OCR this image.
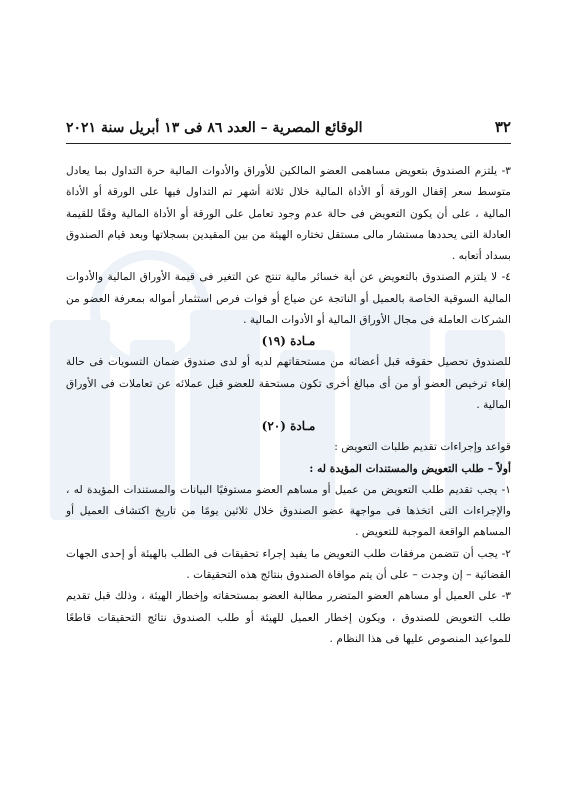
٣٢
الوقائع المصرية – العدد ٨٦ فى ١٣ أبريل سنة ٢٠٢١

٣- يلتزم الصندوق بتعويض مساهمى العضو المالكين للأوراق والأدوات المالية حرة التداول بما يعادل متوسط سعر إقفال الورقة أو الأداة المالية خلال ثلاثة أشهر تم التداول فيها على الورقة أو الأداة المالية ، على أن يكون التعويض فى حالة عدم وجود تعامل على الورقة أو الأداة المالية وفقًا للقيمة العادلة التى يحددها مستشار مالى مستقل تختاره الهيئة من بين المقيدين بسجلاتها وبعد قيام الصندوق بسداد أتعابه .

٤- لا يلتزم الصندوق بالتعويض عن أية خسائر مالية تنتج عن التغير فى قيمة الأوراق المالية والأدوات المالية السوقية الخاصة بالعميل أو الناتجة عن ضياع أو فوات فرص استثمار أمواله بمعرفة العضو من الشركات العاملة فى مجال الأوراق المالية أو الأدوات المالية .

مـادة (١٩)

للصندوق تحصيل حقوقه قبل أعضائه من مستحقاتهم لديه أو لدى صندوق ضمان التسويات فى حالة إلغاء ترخيص العضو أو من أى مبالغ أخرى تكون مستحقة للعضو قبل عملائه عن تعاملات فى الأوراق المالية .

مـادة (٢٠)

قواعد وإجراءات تقديم طلبات التعويض :

أولاً – طلب التعويض والمستندات المؤيدة له :

١- يجب تقديم طلب التعويض من عميل أو مساهم العضو مستوفيًا البيانات والمستندات المؤيدة له ، والإجراءات التى اتخذها فى مواجهة عضو الصندوق خلال ثلاثين يومًا من تاريخ اكتشاف العميل أو المساهم الواقعة الموجبة للتعويض .

٢- يجب أن تتضمن مرفقات طلب التعويض ما يفيد إجراء تحقيقات فى الطلب بالهيئة أو إحدى الجهات القضائية – إن وجدت – على أن يتم موافاة الصندوق بنتائج هذه التحقيقات .

٣- على العميل أو مساهم العضو المتضرر مطالبة العضو بمستحقاته وإخطار الهيئة ، وذلك قبل تقديم طلب التعويض للصندوق ، ويكون إخطار العميل للهيئة أو طلب الصندوق نتائج التحقيقات قاطعًا للمواعيد المنصوص عليها فى هذا النظام .
